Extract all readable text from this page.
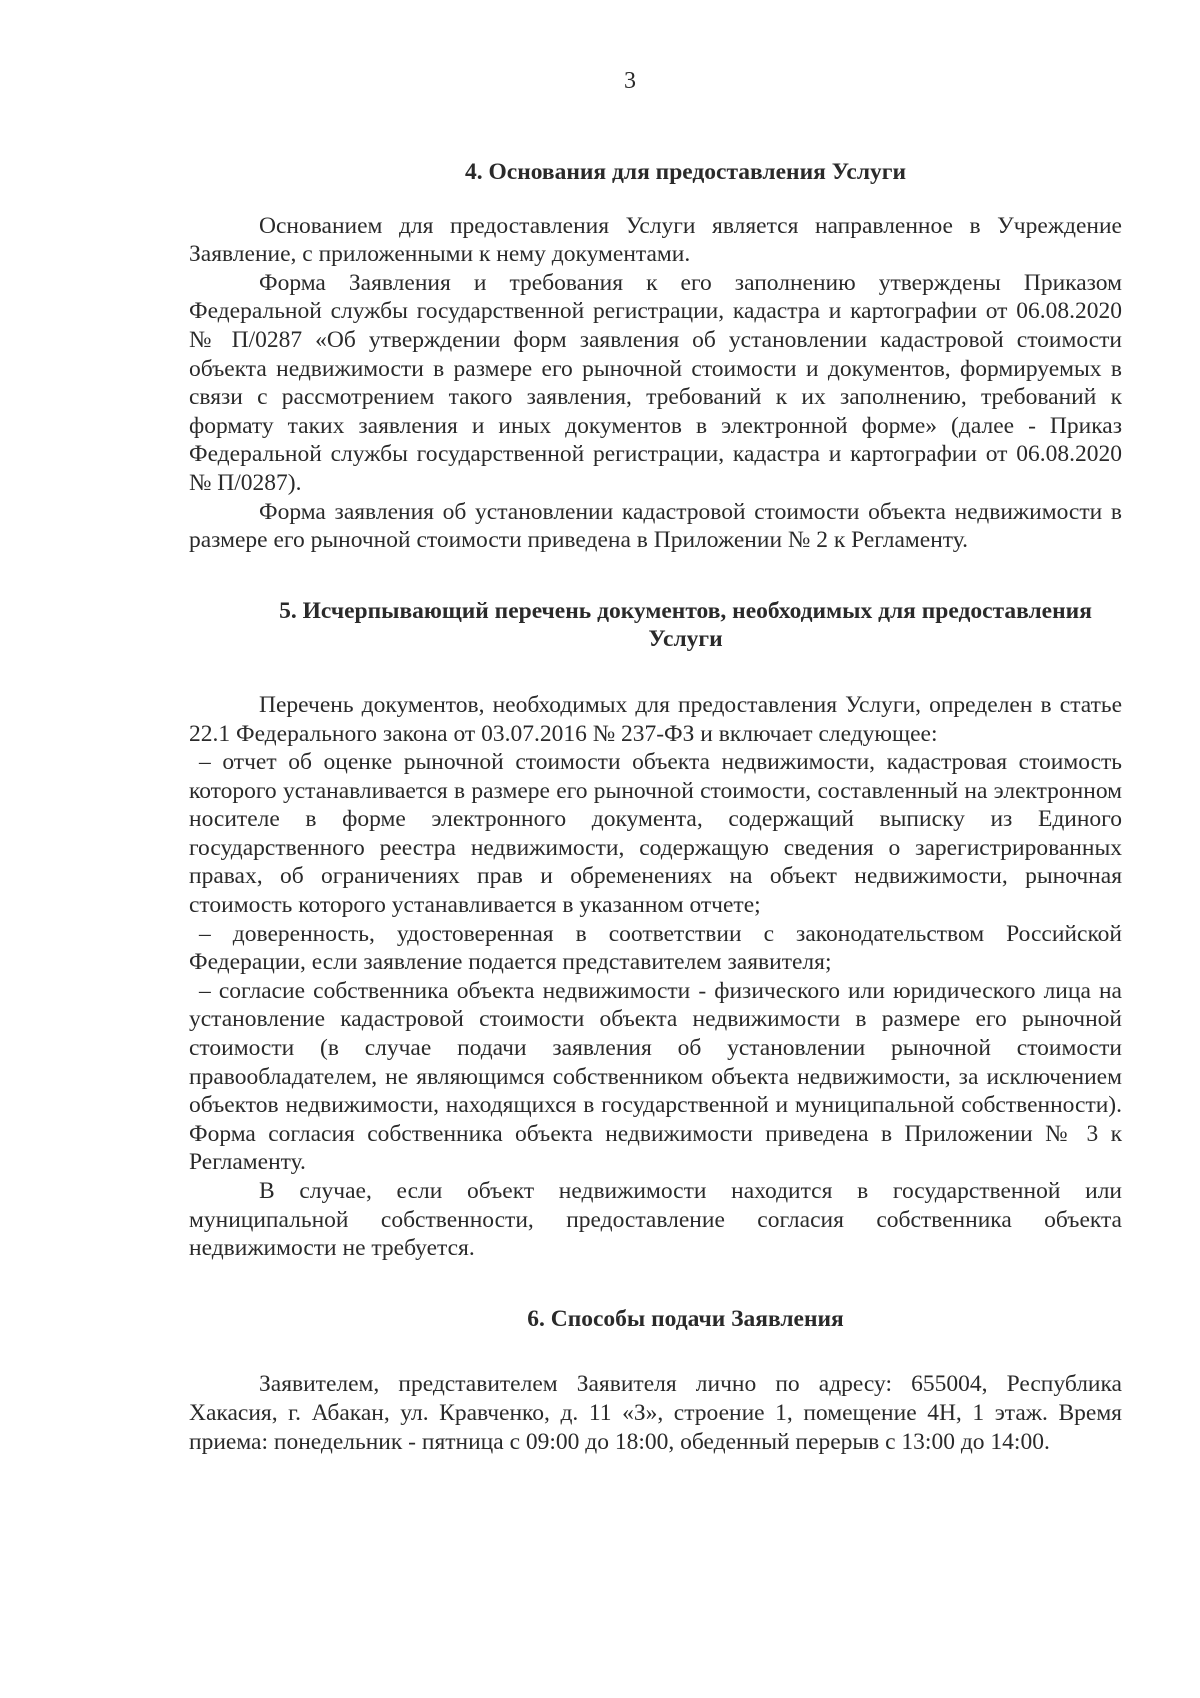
3
4. Основания для предоставления Услуги

Основанием для предоставления Услуги является направленное в Учреждение Заявление, с приложенными к нему документами.

Форма Заявления и требования к его заполнению утверждены Приказом Федеральной службы государственной регистрации, кадастра и картографии от 06.08.2020 № П/0287 «Об утверждении форм заявления об установлении кадастровой стоимости объекта недвижимости в размере его рыночной стоимости и документов, формируемых в связи с рассмотрением такого заявления, требований к их заполнению, требований к формату таких заявления и иных документов в электронной форме» (далее - Приказ Федеральной службы государственной регистрации, кадастра и картографии от 06.08.2020 № П/0287).

Форма заявления об установлении кадастровой стоимости объекта недвижимости в размере его рыночной стоимости приведена в Приложении № 2 к Регламенту.

5. Исчерпывающий перечень документов, необходимых для предоставления Услуги

Перечень документов, необходимых для предоставления Услуги, определен в статье 22.1 Федерального закона от 03.07.2016 № 237-ФЗ и включает следующее:

– отчет об оценке рыночной стоимости объекта недвижимости, кадастровая стоимость которого устанавливается в размере его рыночной стоимости, составленный на электронном носителе в форме электронного документа, содержащий выписку из Единого государственного реестра недвижимости, содержащую сведения о зарегистрированных правах, об ограничениях прав и обременениях на объект недвижимости, рыночная стоимость которого устанавливается в указанном отчете;

– доверенность, удостоверенная в соответствии с законодательством Российской Федерации, если заявление подается представителем заявителя;

– согласие собственника объекта недвижимости - физического или юридического лица на установление кадастровой стоимости объекта недвижимости в размере его рыночной стоимости (в случае подачи заявления об установлении рыночной стоимости правообладателем, не являющимся собственником объекта недвижимости, за исключением объектов недвижимости, находящихся в государственной и муниципальной собственности). Форма согласия собственника объекта недвижимости приведена в Приложении № 3 к Регламенту.

В случае, если объект недвижимости находится в государственной или муниципальной собственности, предоставление согласия собственника объекта недвижимости не требуется.

6. Способы подачи Заявления

Заявителем, представителем Заявителя лично по адресу: 655004, Республика Хакасия, г. Абакан, ул. Кравченко, д. 11 «З», строение 1, помещение 4Н, 1 этаж. Время приема: понедельник - пятница с 09:00 до 18:00, обеденный перерыв с 13:00 до 14:00.
